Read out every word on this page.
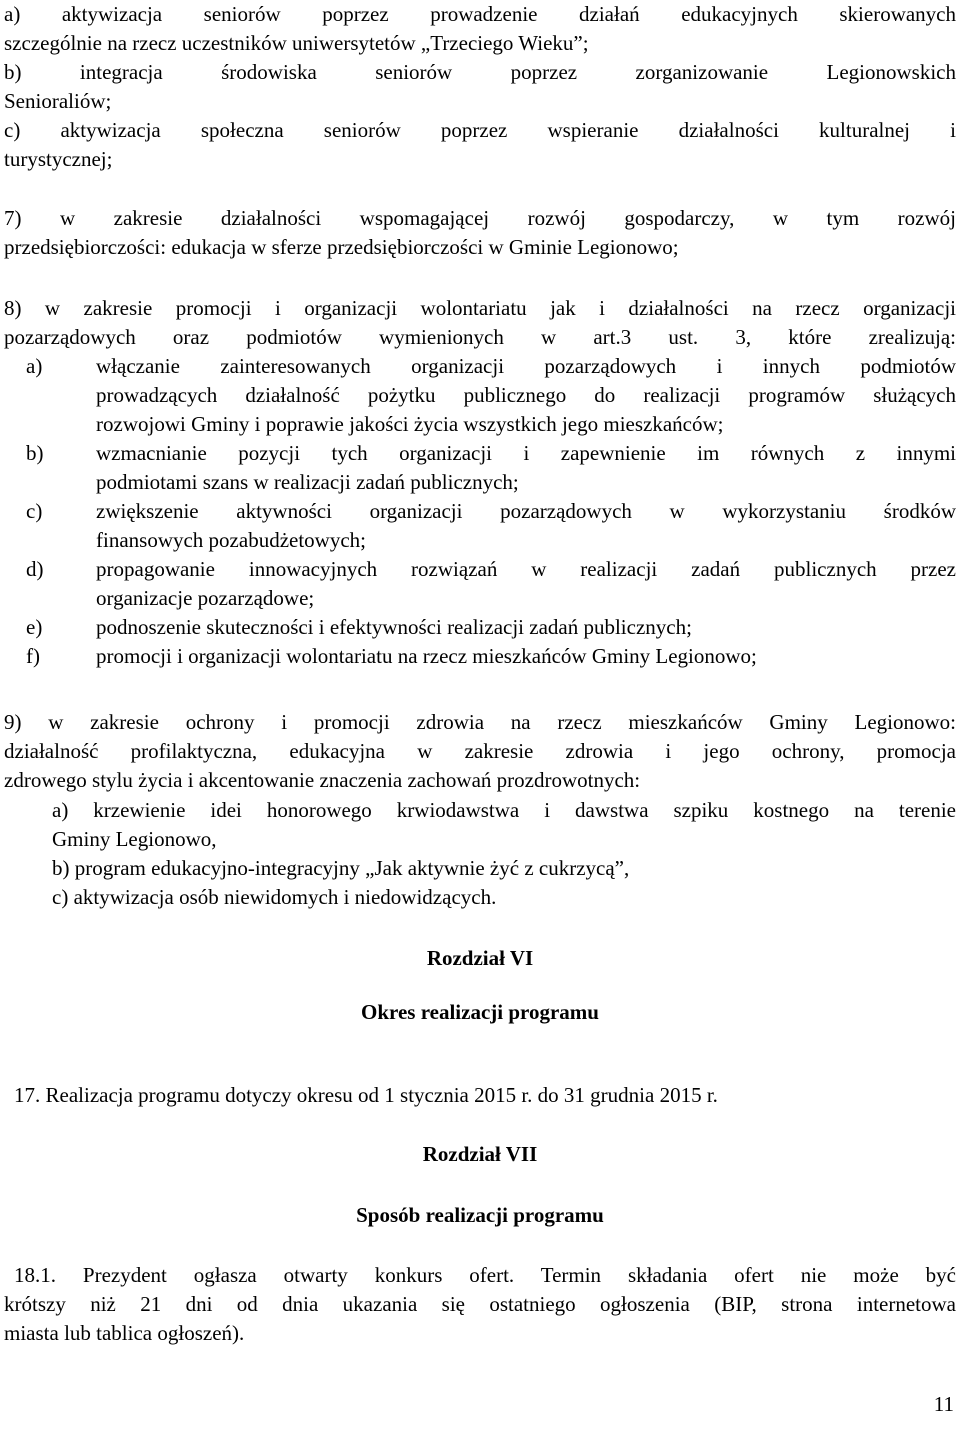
a) aktywizacja seniorów poprzez prowadzenie działań edukacyjnych skierowanych
szczególnie na rzecz uczestników uniwersytetów „Trzeciego Wieku”;
b) integracja środowiska seniorów poprzez zorganizowanie Legionowskich
Senioraliów;
c) aktywizacja społeczna seniorów poprzez wspieranie działalności kulturalnej i
turystycznej;
7) w zakresie działalności wspomagającej rozwój gospodarczy, w tym rozwój
przedsiębiorczości: edukacja w sferze przedsiębiorczości w Gminie Legionowo;
8) w zakresie promocji i organizacji wolontariatu jak i działalności na rzecz organizacji
pozarządowych oraz podmiotów wymienionych w art.3 ust. 3, które zrealizują:
a)	włączanie zainteresowanych organizacji pozarządowych i innych podmiotów
prowadzących działalność pożytku publicznego do realizacji programów służących
rozwojowi Gminy i poprawie jakości życia wszystkich jego mieszkańców;
b)	wzmacnianie pozycji tych organizacji i zapewnienie im równych z innymi
podmiotami szans w realizacji zadań publicznych;
c)	zwiększenie aktywności organizacji pozarządowych w wykorzystaniu środków
finansowych pozabudżetowych;
d)	propagowanie innowacyjnych rozwiązań w realizacji zadań publicznych przez
organizacje pozarządowe;
e)	podnoszenie skuteczności i efektywności realizacji zadań publicznych;
f)	promocji i organizacji wolontariatu na rzecz mieszkańców Gminy Legionowo;
9) w zakresie ochrony i promocji zdrowia na rzecz mieszkańców Gminy Legionowo:
działalność profilaktyczna, edukacyjna w zakresie zdrowia i jego ochrony, promocja
zdrowego stylu życia i akcentowanie znaczenia zachowań prozdrowotnych:
a) krzewienie idei honorowego krwiodawstwa i dawstwa szpiku kostnego na terenie
Gminy Legionowo,
b) program edukacyjno-integracyjny „Jak aktywnie żyć z cukrzycą”,
c) aktywizacja osób niewidomych i niedowidzących.
Rozdział VI
Okres realizacji programu
17. Realizacja programu dotyczy okresu od 1 stycznia 2015 r. do 31 grudnia 2015 r.
Rozdział VII
Sposób realizacji programu
18.1. Prezydent ogłasza otwarty konkurs ofert. Termin składania ofert nie może być
krótszy niż 21 dni od dnia ukazania się ostatniego ogłoszenia (BIP, strona internetowa
miasta lub tablica ogłoszeń).
11
